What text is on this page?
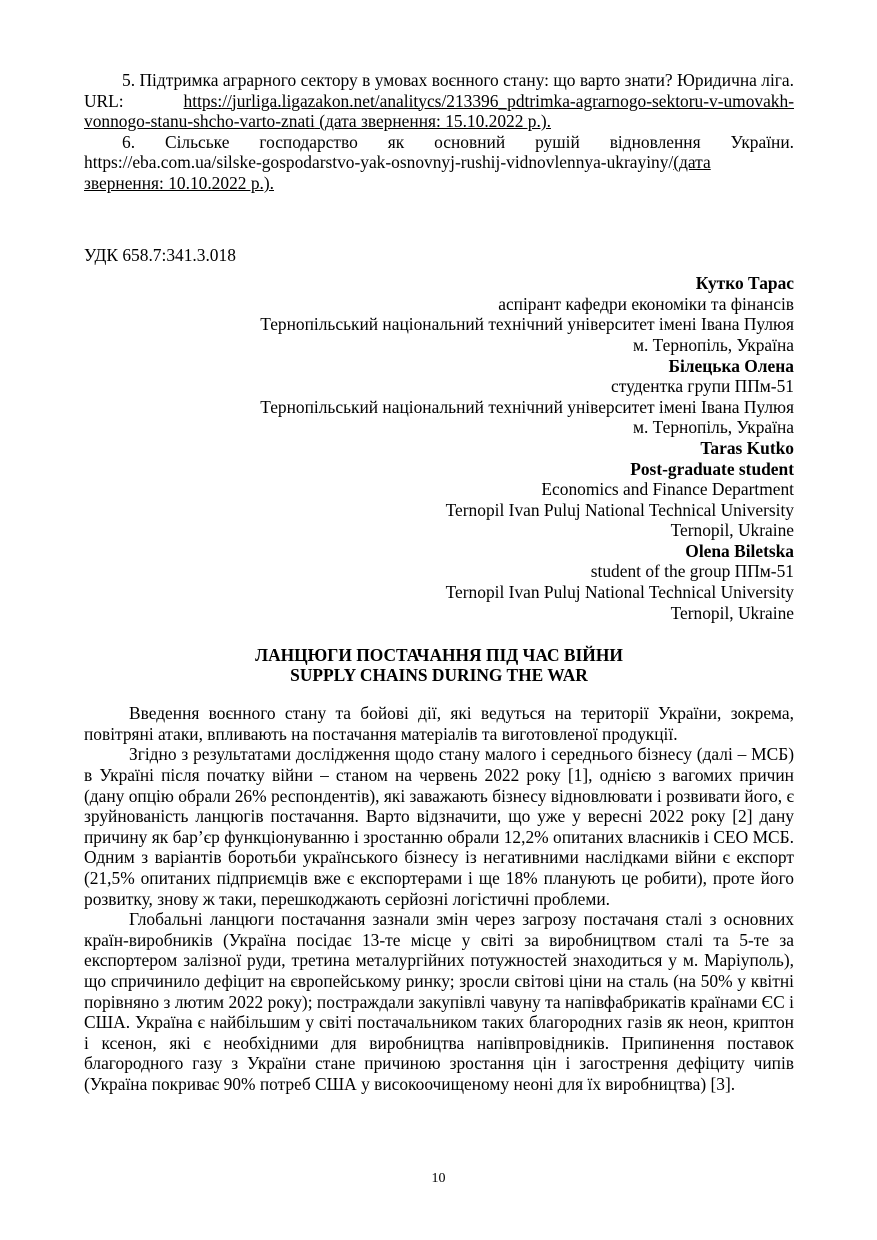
5. Підтримка аграрного сектору в умовах воєнного стану: що варто знати? Юридична ліга. URL: https://jurliga.ligazakon.net/analitycs/213396_pdtrimka-agrarnogo-sektoru-v-umovakh-vonnogo-stanu-shcho-varto-znati (дата звернення: 15.10.2022 р.).

6. Сільське господарство як основний рушій відновлення України. https://eba.com.ua/silske-gospodarstvo-yak-osnovnyj-rushij-vidnovlennya-ukrayiny/(дата звернення: 10.10.2022 р.).

УДК 658.7:341.3.018

Кутко Тарас
аспірант кафедри економіки та фінансів
Тернопільський національний технічний університет імені Івана Пулюя
м. Тернопіль, Україна
Білецька Олена
студентка групи ППм-51
Тернопільський національний технічний університет імені Івана Пулюя
м. Тернопіль, Україна
Taras Kutko
Post-graduate student
Economics and Finance Department
Ternopil Ivan Puluj National Technical University
Ternopil, Ukraine
Olena Biletska
student of the group ППм-51
Ternopil Ivan Puluj National Technical University
Ternopil, Ukraine
ЛАНЦЮГИ ПОСТАЧАННЯ ПІД ЧАС ВІЙНИ
SUPPLY CHAINS DURING THE WAR

Введення воєнного стану та бойові дії, які ведуться на території України, зокрема, повітряні атаки, впливають на постачання матеріалів та виготовленої продукції.

Згідно з результатами дослідження щодо стану малого і середнього бізнесу (далі – МСБ) в Україні після початку війни – станом на червень 2022 року [1], однією з вагомих причин (дану опцію обрали 26% респондентів), які заважають бізнесу відновлювати і розвивати його, є зруйнованість ланцюгів постачання. Варто відзначити, що уже у вересні 2022 року [2] дану причину як бар’єр функціонуванню і зростанню обрали 12,2% опитаних власників і CEO МСБ. Одним з варіантів боротьби українського бізнесу із негативними наслідками війни є експорт (21,5% опитаних підприємців вже є експортерами і ще 18% планують це робити), проте його розвитку, знову ж таки, перешкоджають серйозні логістичні проблеми.

Глобальні ланцюги постачання зазнали змін через загрозу постачаня сталі з основних країн-виробників (Україна посідає 13-те місце у світі за виробництвом сталі та 5-те за експортером залізної руди, третина металургійних потужностей знаходиться у м. Маріуполь), що спричинило дефіцит на європейському ринку; зросли світові ціни на сталь (на 50% у квітні порівняно з лютим 2022 року); постраждали закупівлі чавуну та напівфабрикатів країнами ЄС і США. Україна є найбільшим у світі постачальником таких благородних газів як неон, криптон і ксенон, які є необхідними для виробництва напівпровідників. Припинення поставок благородного газу з України стане причиною зростання цін і загострення дефіциту чипів (Україна покриває 90% потреб США у високоочищеному неоні для їх виробництва) [3].

10
